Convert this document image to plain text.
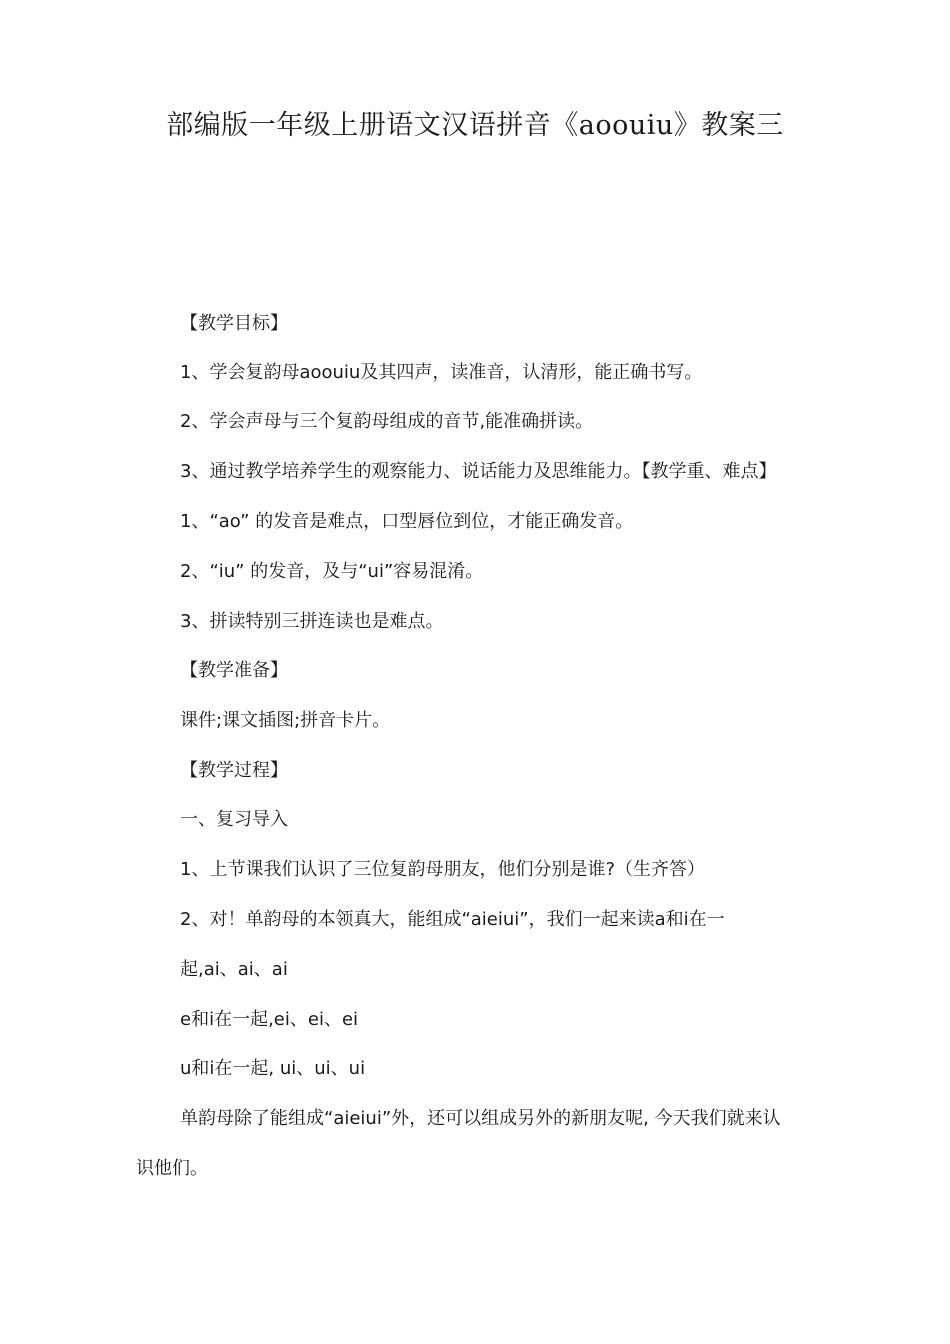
部编版一年级上册语文汉语拼音《aoouiu》教案三
【教学目标】
1、学会复韵母aoouiu及其四声，读准音，认清形，能正确书写。
2、学会声母与三个复韵母组成的音节,能准确拼读。
3、通过教学培养学生的观察能力、说话能力及思维能力。【教学重、难点】
1、“ao” 的发音是难点，口型唇位到位，才能正确发音。
2、“iu” 的发音，及与“ui”容易混淆。
3、拼读特别三拼连读也是难点。
【教学准备】
课件;课文插图;拼音卡片。
【教学过程】
一、复习导入
1、上节课我们认识了三位复韵母朋友，他们分别是谁?（生齐答）
2、对！单韵母的本领真大，能组成“aieiui”，我们一起来读a和i在一
起,ai、ai、ai
e和i在一起,ei、ei、ei
u和i在一起, ui、ui、ui
单韵母除了能组成“aieiui”外，还可以组成另外的新朋友呢, 今天我们就来认
识他们。
